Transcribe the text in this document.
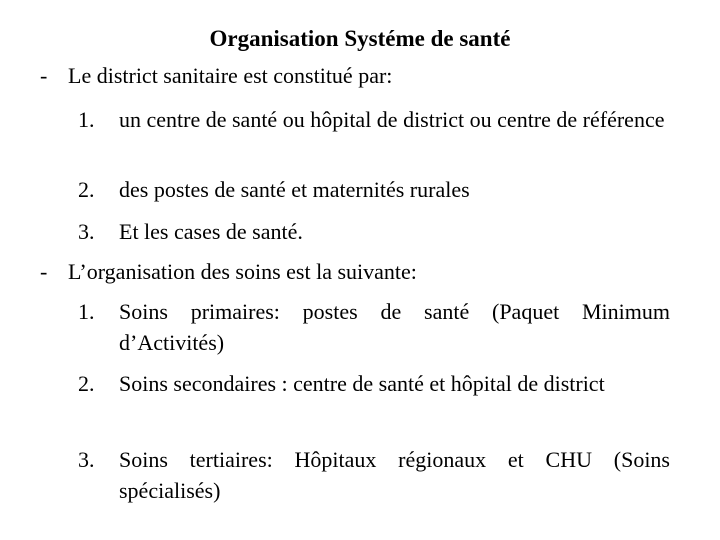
Organisation Systéme de santé
- Le district sanitaire est constitué par:
1. un centre de santé ou hôpital de district ou centre de référence
2. des postes de santé et maternités rurales
3. Et les cases de santé.
- L’organisation des soins est la suivante:
1. Soins primaires: postes de santé (Paquet Minimum d’Activités)
2. Soins secondaires : centre de santé et hôpital de district
3. Soins tertiaires: Hôpitaux régionaux et CHU (Soins spécialisés)
